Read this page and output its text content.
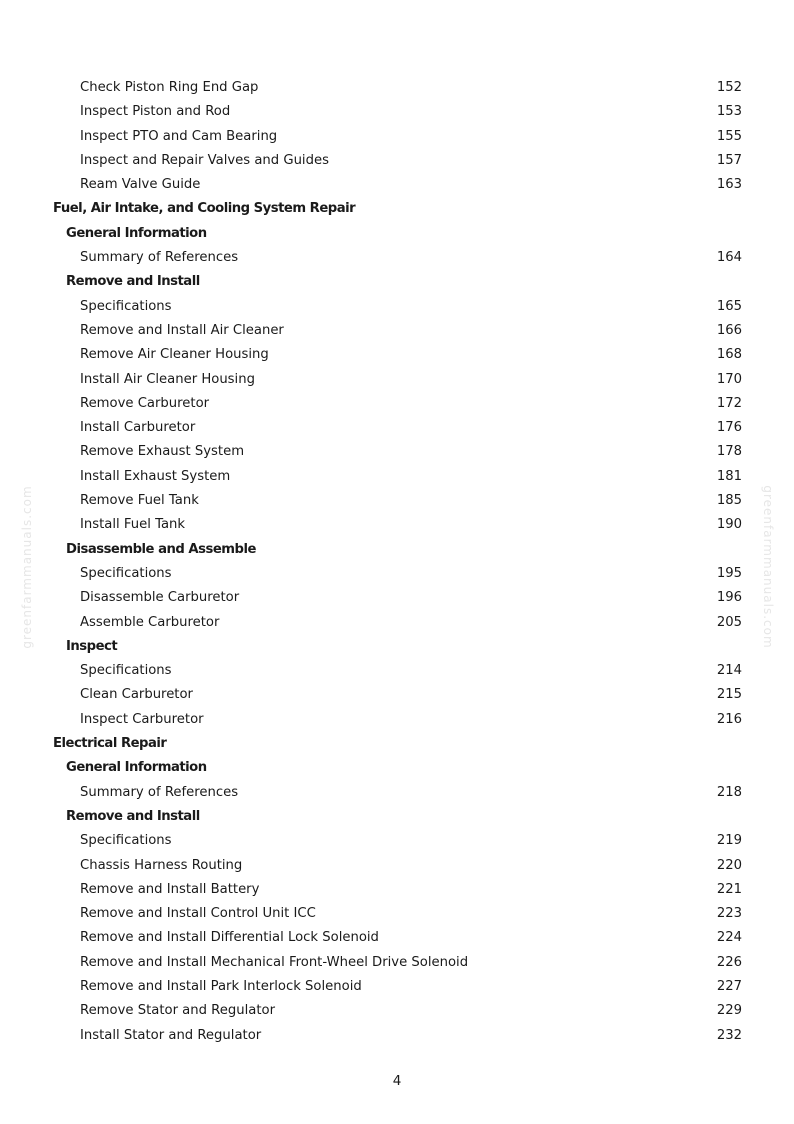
Check Piston Ring End Gap	152
Inspect Piston and Rod	153
Inspect PTO and Cam Bearing	155
Inspect and Repair Valves and Guides	157
Ream Valve Guide	163
Fuel, Air Intake, and Cooling System Repair
General Information
Summary of References	164
Remove and Install
Specifications	165
Remove and Install Air Cleaner	166
Remove Air Cleaner Housing	168
Install Air Cleaner Housing	170
Remove Carburetor	172
Install Carburetor	176
Remove Exhaust System	178
Install Exhaust System	181
Remove Fuel Tank	185
Install Fuel Tank	190
Disassemble and Assemble
Specifications	195
Disassemble Carburetor	196
Assemble Carburetor	205
Inspect
Specifications	214
Clean Carburetor	215
Inspect Carburetor	216
Electrical Repair
General Information
Summary of References	218
Remove and Install
Specifications	219
Chassis Harness Routing	220
Remove and Install Battery	221
Remove and Install Control Unit ICC	223
Remove and Install Differential Lock Solenoid	224
Remove and Install Mechanical Front-Wheel Drive Solenoid	226
Remove and Install Park Interlock Solenoid	227
Remove Stator and Regulator	229
Install Stator and Regulator	232
4
greenfarmmanuals.com	greenfarmmanuals.com
